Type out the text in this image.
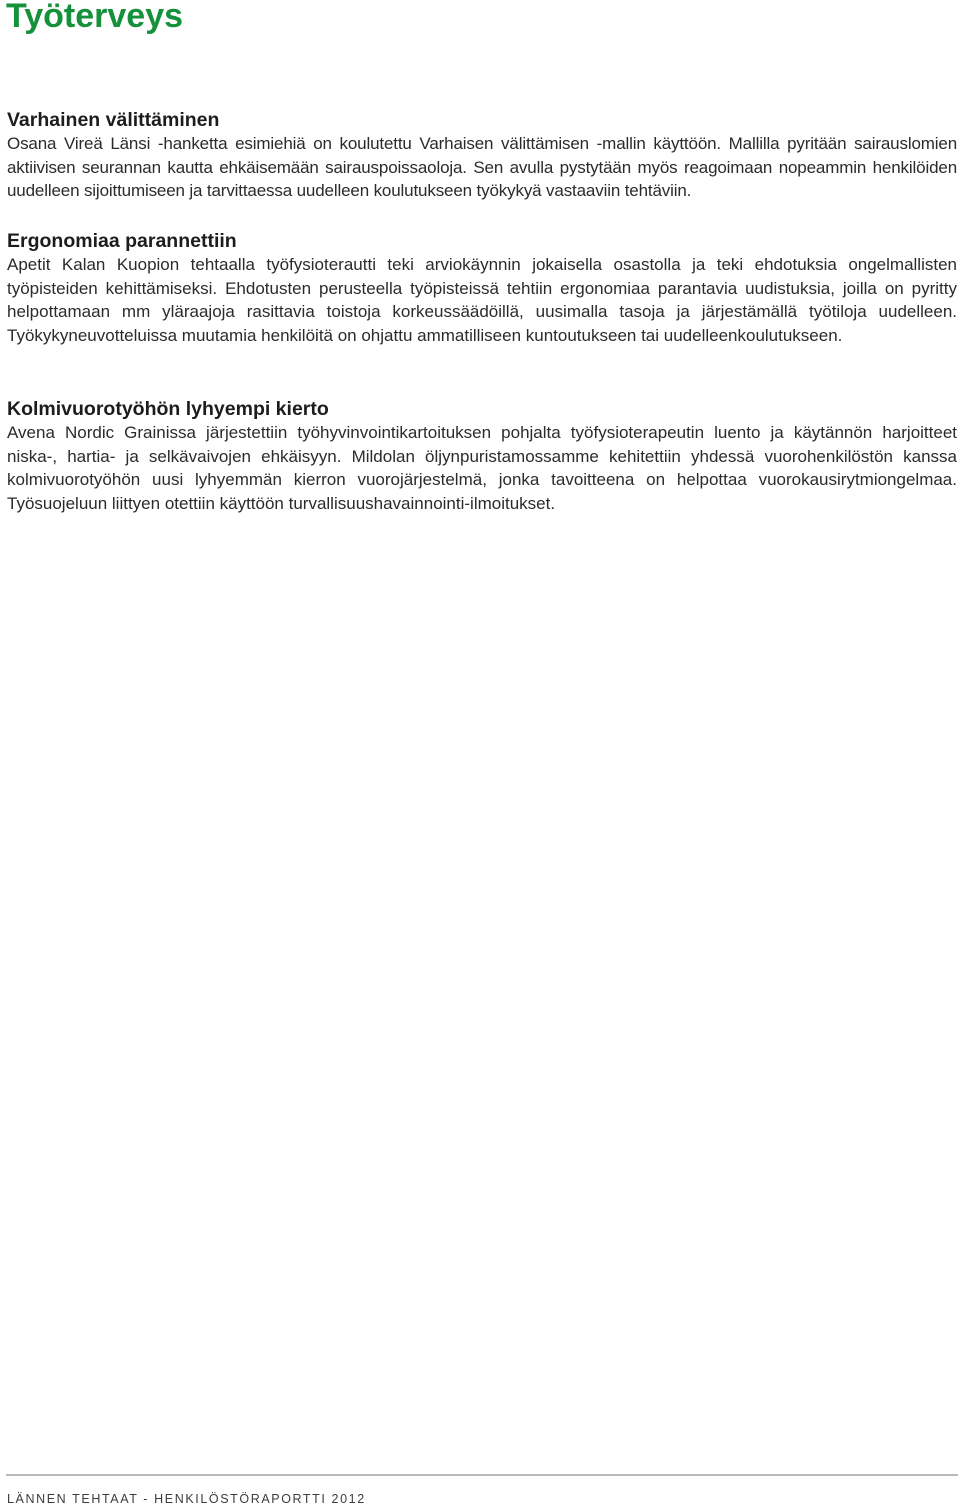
Työterveys
Varhainen välittäminen

Osana Vireä Länsi -hanketta esimiehiä on koulutettu Varhaisen välittämisen -mallin käyttöön. Mallilla pyritään sairauslomien aktiivisen seurannan kautta ehkäisemään sairauspoissaoloja. Sen avulla pystytään myös reagoimaan nopeammin henkilöiden uudelleen sijoittumiseen ja tarvittaessa uudelleen koulutukseen työkykyä vastaaviin tehtäviin.

Ergonomiaa parannettiin

Apetit Kalan Kuopion tehtaalla työfysioterautti teki arviokäynnin jokaisella osastolla ja teki ehdotuksia ongelmallisten työpisteiden kehittämiseksi. Ehdotusten perusteella työpisteissä tehtiin ergonomiaa parantavia uudistuksia, joilla on pyritty helpottamaan mm yläraajoja rasittavia toistoja korkeussäädöillä, uusimalla tasoja ja järjestämällä työtiloja uudelleen. Työkykyneuvotteluissa muutamia henkilöitä on ohjattu ammatilliseen kuntoutukseen tai uudelleenkoulutukseen.

Kolmivuorotyöhön lyhyempi kierto

Avena Nordic Grainissa järjestettiin työhyvinvointikartoituksen pohjalta työfysioterapeutin luento ja käytännön harjoitteet niska-, hartia- ja selkävaivojen ehkäisyyn. Mildolan öljynpuristamossamme kehitettiin yhdessä vuorohenkilöstön kanssa kolmivuorotyöhön uusi lyhyemmän kierron vuorojärjestelmä, jonka tavoitteena on helpottaa vuorokausirytmiongelmaa. Työsuojeluun liittyen otettiin käyttöön turvallisuushavainnointi-ilmoitukset.

LÄNNEN TEHTAAT - HENKILÖSTÖRAPORTTI 2012
